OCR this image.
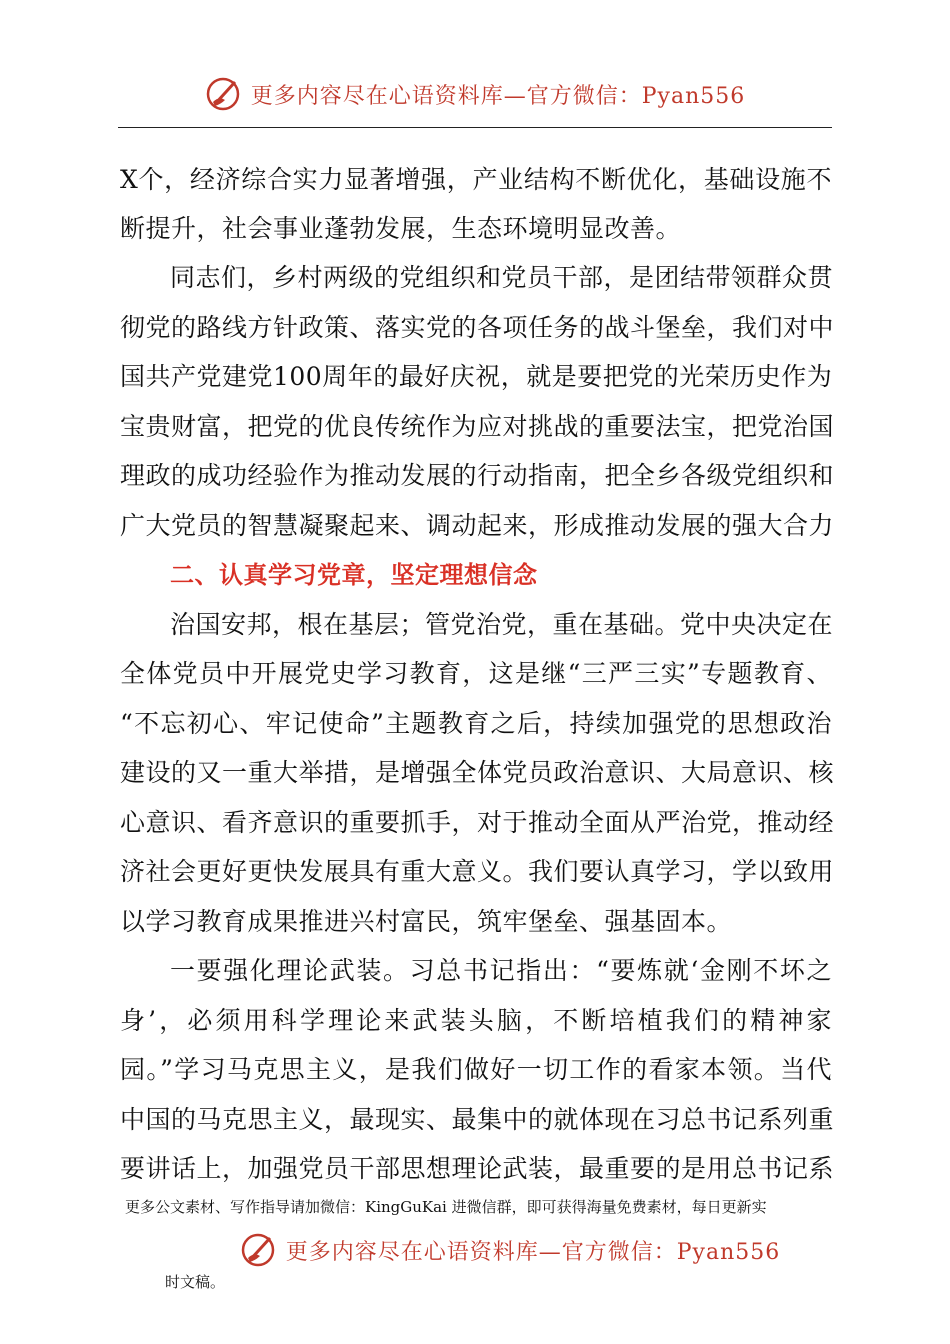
更多内容尽在心语资料库—官方微信：Pyan556
X个，经济综合实力显著增强，产业结构不断优化，基础设施不
断提升，社会事业蓬勃发展，生态环境明显改善。
同志们，乡村两级的党组织和党员干部，是团结带领群众贯
彻党的路线方针政策、落实党的各项任务的战斗堡垒，我们对中
国共产党建党100周年的最好庆祝，就是要把党的光荣历史作为
宝贵财富，把党的优良传统作为应对挑战的重要法宝，把党治国
理政的成功经验作为推动发展的行动指南，把全乡各级党组织和
广大党员的智慧凝聚起来、调动起来，形成推动发展的强大合力
二、认真学习党章，坚定理想信念
治国安邦，根在基层；管党治党，重在基础。党中央决定在
全体党员中开展党史学习教育，这是继“三严三实”专题教育、
“不忘初心、牢记使命”主题教育之后，持续加强党的思想政治
建设的又一重大举措，是增强全体党员政治意识、大局意识、核
心意识、看齐意识的重要抓手，对于推动全面从严治党，推动经
济社会更好更快发展具有重大意义。我们要认真学习，学以致用
以学习教育成果推进兴村富民，筑牢堡垒、强基固本。
一要强化理论武装。习总书记指出：“要炼就‘金刚不坏之
身’，必须用科学理论来武装头脑，不断培植我们的精神家
园。”学习马克思主义，是我们做好一切工作的看家本领。当代
中国的马克思主义，最现实、最集中的就体现在习总书记系列重
要讲话上，加强党员干部思想理论武装，最重要的是用总书记系
更多公文素材、写作指导请加微信：KingGuKai 进微信群，即可获得海量免费素材，每日更新实
更多内容尽在心语资料库—官方微信：Pyan556
时文稿。
